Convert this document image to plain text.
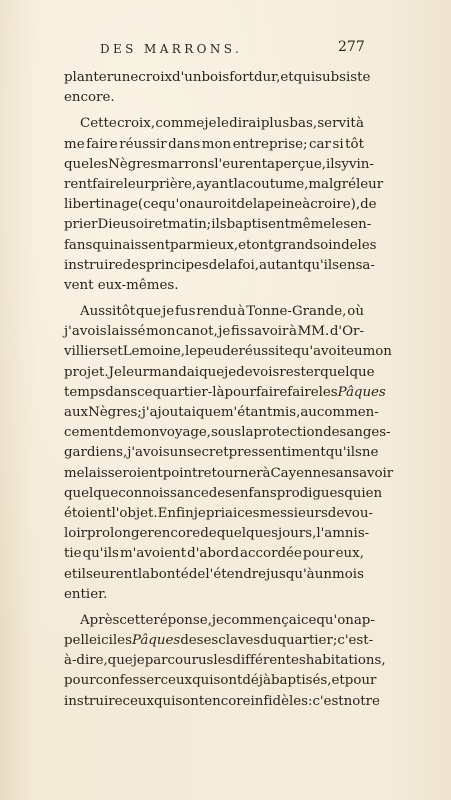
DES MARRONS.	277
planter une croix d'un bois fort dur, et qui subsiste
encore.
Cette croix, comme je le dirai plus bas, servit à
me faire réussir dans mon entreprise; car si tôt
que les Nègres marrons l'eurent aperçue, ils y vin-
rent faire leur prière, ayant la coutume, malgré leur
libertinage (ce qu'on auroit de la peine à croire), de
prier Dieu soir et matin; ils baptisent même les en-
fans qui naissent parmi eux, et ont grand soin de les
instruire des principes de la foi, autant qu'ils en sa-
vent eux-mêmes.
Aussitôt que je fus rendu à Tonne-Grande, où
j'avois laissé mon canot, je fis savoir à MM. d'Or-
villiers et Lemoine, le peu de réussite qu'avoit eu mon
projet. Je leur mandai que je devois rester quelque
temps dans ce quartier-là pour faire faire les Pâques
aux Nègres; j'ajoutai que m'étant mis, au commen-
cement de mon voyage, sous la protection des anges-
gardiens, j'avois un secret pressentiment qu'ils ne
me laisseroient point retourner à Cayenne sans avoir
quelque connoissance des enfans prodigues qui en
étoient l'objet. Enfin je priai ces messieurs de vou-
loir prolonger encore de quelques jours, l'amnis-
tie qu'ils m'avoient d'abord accordée pour eux,
et ils eurent la bonté de l'étendre jusqu'à un mois
entier.
Après cette réponse, je commençai ce qu'on ap-
pelle ici les Pâques des esclaves du quartier; c'est-
à-dire, que je parcourus les différentes habitations,
pour confesser ceux qui sont déjà baptisés, et pour
instruire ceux qui sont encore infidèles : c'est notre
